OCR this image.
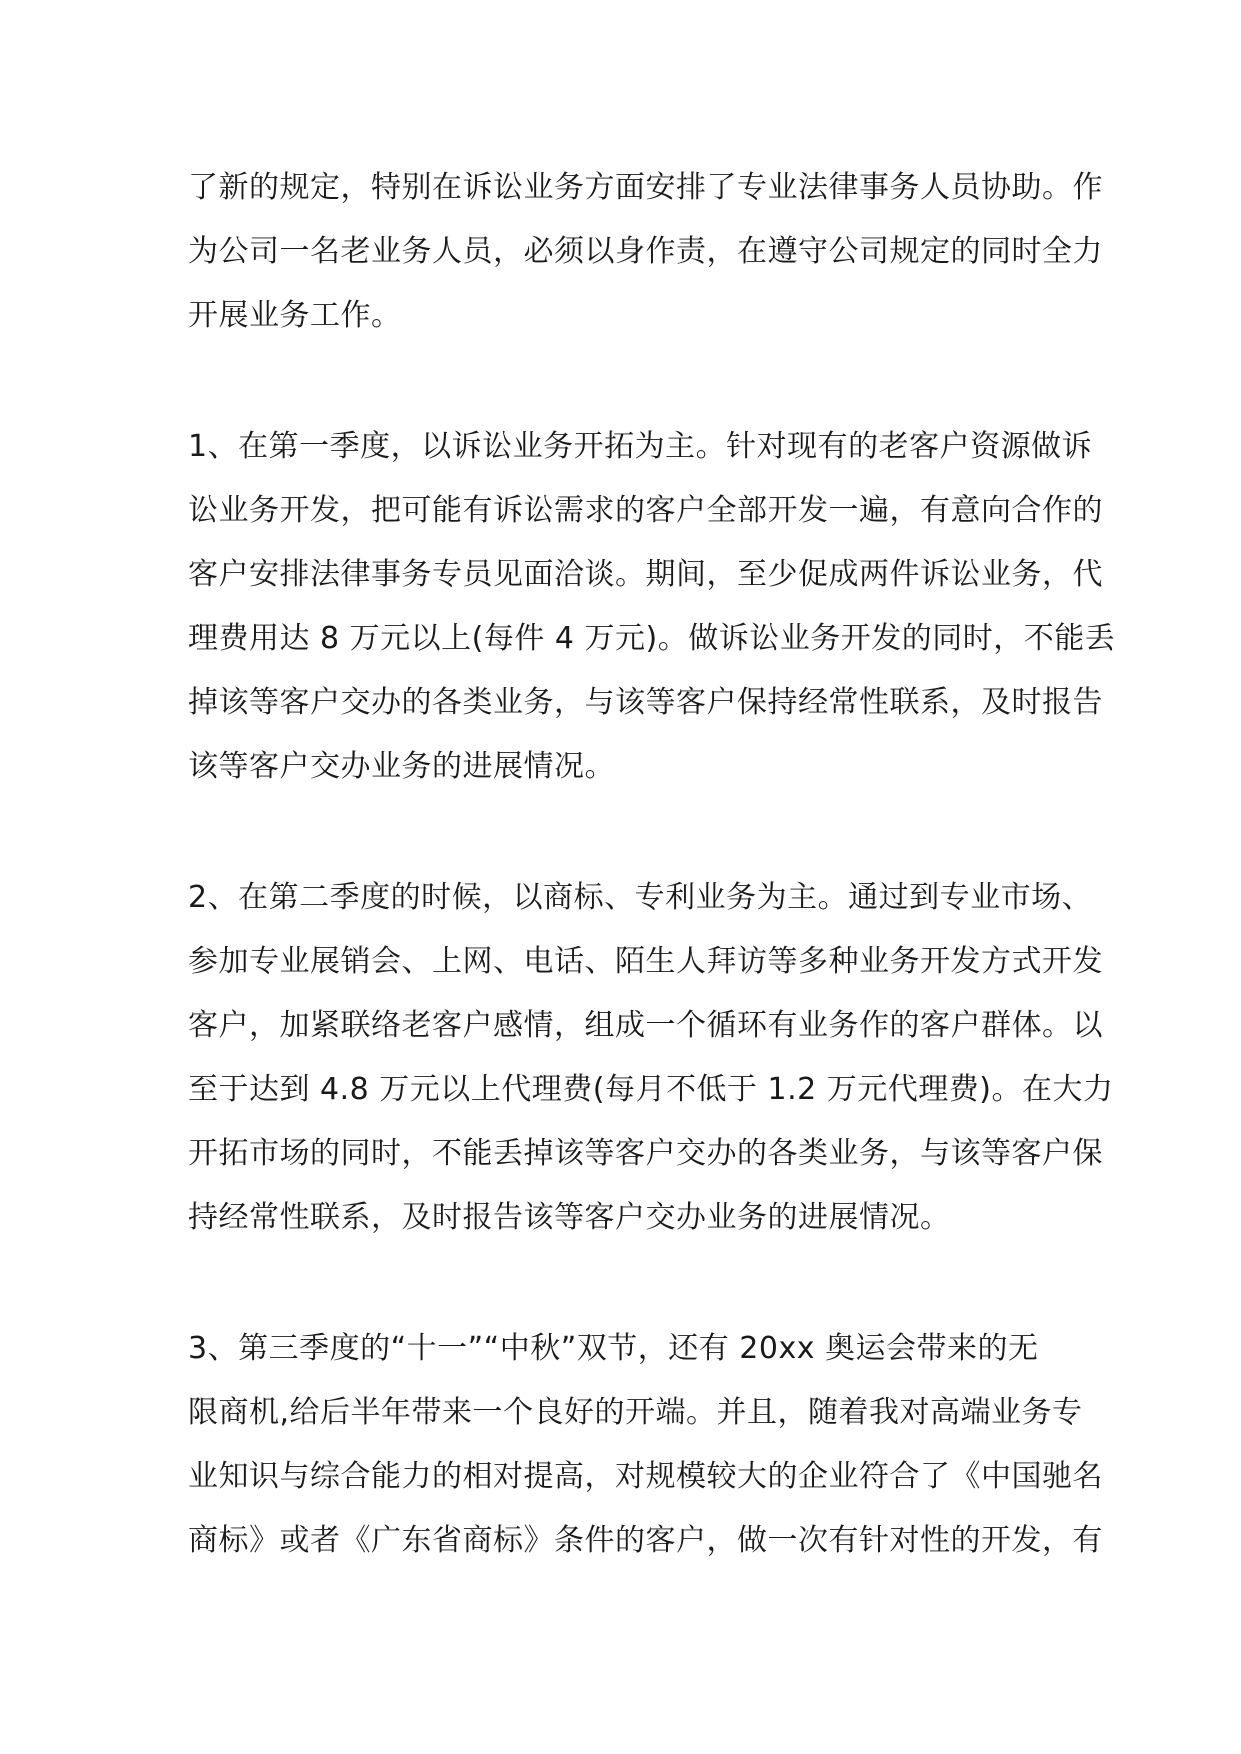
了新的规定，特别在诉讼业务方面安排了专业法律事务人员协助。作
为公司一名老业务人员，必须以身作责，在遵守公司规定的同时全力
开展业务工作。
1、在第一季度，以诉讼业务开拓为主。针对现有的老客户资源做诉
讼业务开发，把可能有诉讼需求的客户全部开发一遍，有意向合作的
客户安排法律事务专员见面洽谈。期间，至少促成两件诉讼业务，代
理费用达 8 万元以上(每件 4 万元)。做诉讼业务开发的同时，不能丢
掉该等客户交办的各类业务，与该等客户保持经常性联系，及时报告
该等客户交办业务的进展情况。
2、在第二季度的时候，以商标、专利业务为主。通过到专业市场、
参加专业展销会、上网、电话、陌生人拜访等多种业务开发方式开发
客户，加紧联络老客户感情，组成一个循环有业务作的客户群体。以
至于达到 4.8 万元以上代理费(每月不低于 1.2 万元代理费)。在大力
开拓市场的同时，不能丢掉该等客户交办的各类业务，与该等客户保
持经常性联系，及时报告该等客户交办业务的进展情况。
3、第三季度的“十一”“中秋”双节，还有 20xx 奥运会带来的无
限商机,给后半年带来一个良好的开端。并且，随着我对高端业务专
业知识与综合能力的相对提高，对规模较大的企业符合了《中国驰名
商标》或者《广东省商标》条件的客户，做一次有针对性的开发，有
